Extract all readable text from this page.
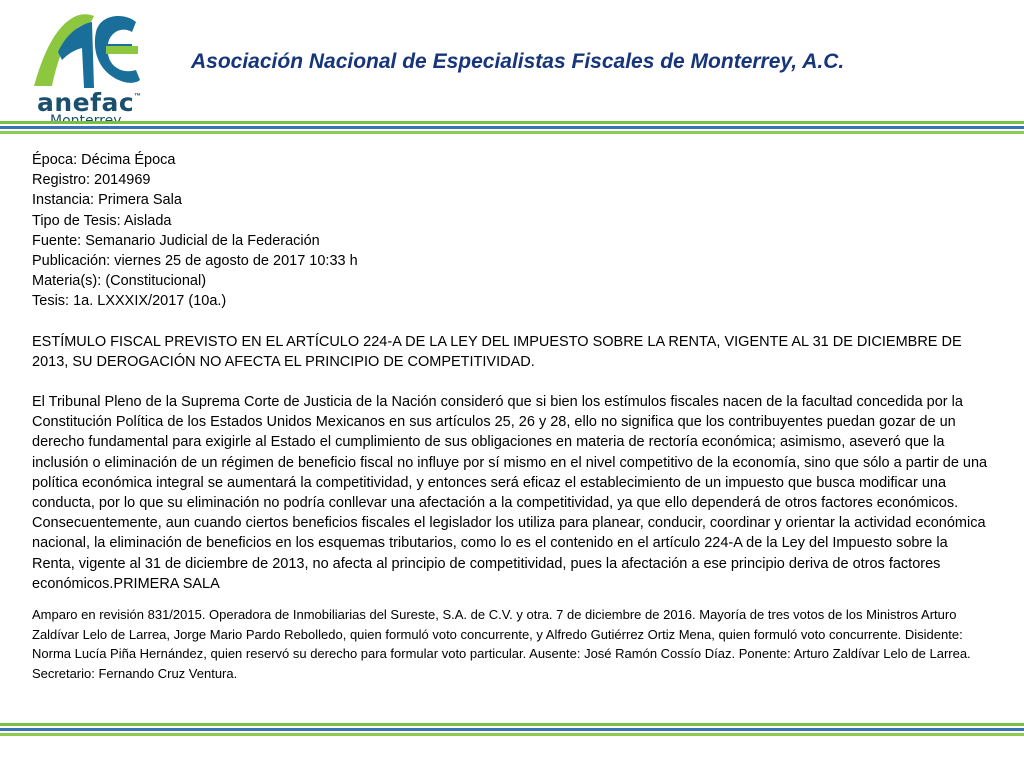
anefac ™
Asociación Nacional de Especialistas Fiscales de Monterrey, A.C.
Época: Décima Época
Registro: 2014969
Instancia: Primera Sala
Tipo de Tesis: Aislada
Fuente: Semanario Judicial de la Federación
Publicación: viernes 25 de agosto de 2017 10:33 h
Materia(s): (Constitucional)
Tesis: 1a. LXXXIX/2017 (10a.)
ESTÍMULO FISCAL PREVISTO EN EL ARTÍCULO 224-A DE LA LEY DEL IMPUESTO SOBRE LA RENTA, VIGENTE AL 31 DE DICIEMBRE DE 2013, SU DEROGACIÓN NO AFECTA EL PRINCIPIO DE COMPETITIVIDAD.

El Tribunal Pleno de la Suprema Corte de Justicia de la Nación consideró que si bien los estímulos fiscales nacen de la facultad concedida por la Constitución Política de los Estados Unidos Mexicanos en sus artículos 25, 26 y 28, ello no significa que los contribuyentes puedan gozar de un derecho fundamental para exigirle al Estado el cumplimiento de sus obligaciones en materia de rectoría económica; asimismo, aseveró que la inclusión o eliminación de un régimen de beneficio fiscal no influye por sí mismo en el nivel competitivo de la economía, sino que sólo a partir de una política económica integral se aumentará la competitividad, y entonces será eficaz el establecimiento de un impuesto que busca modificar una conducta, por lo que su eliminación no podría conllevar una afectación a la competitividad, ya que ello dependerá de otros factores económicos. Consecuentemente, aun cuando ciertos beneficios fiscales el legislador los utiliza para planear, conducir, coordinar y orientar la actividad económica nacional, la eliminación de beneficios en los esquemas tributarios, como lo es el contenido en el artículo 224-A de la Ley del Impuesto sobre la Renta, vigente al 31 de diciembre de 2013, no afecta al principio de competitividad, pues la afectación a ese principio deriva de otros factores económicos.PRIMERA SALA

Amparo en revisión 831/2015. Operadora de Inmobiliarias del Sureste, S.A. de C.V. y otra. 7 de diciembre de 2016. Mayoría de tres votos de los Ministros Arturo Zaldívar Lelo de Larrea, Jorge Mario Pardo Rebolledo, quien formuló voto concurrente, y Alfredo Gutiérrez Ortiz Mena, quien formuló voto concurrente. Disidente: Norma Lucía Piña Hernández, quien reservó su derecho para formular voto particular. Ausente: José Ramón Cossío Díaz. Ponente: Arturo Zaldívar Lelo de Larrea. Secretario: Fernando Cruz Ventura.
